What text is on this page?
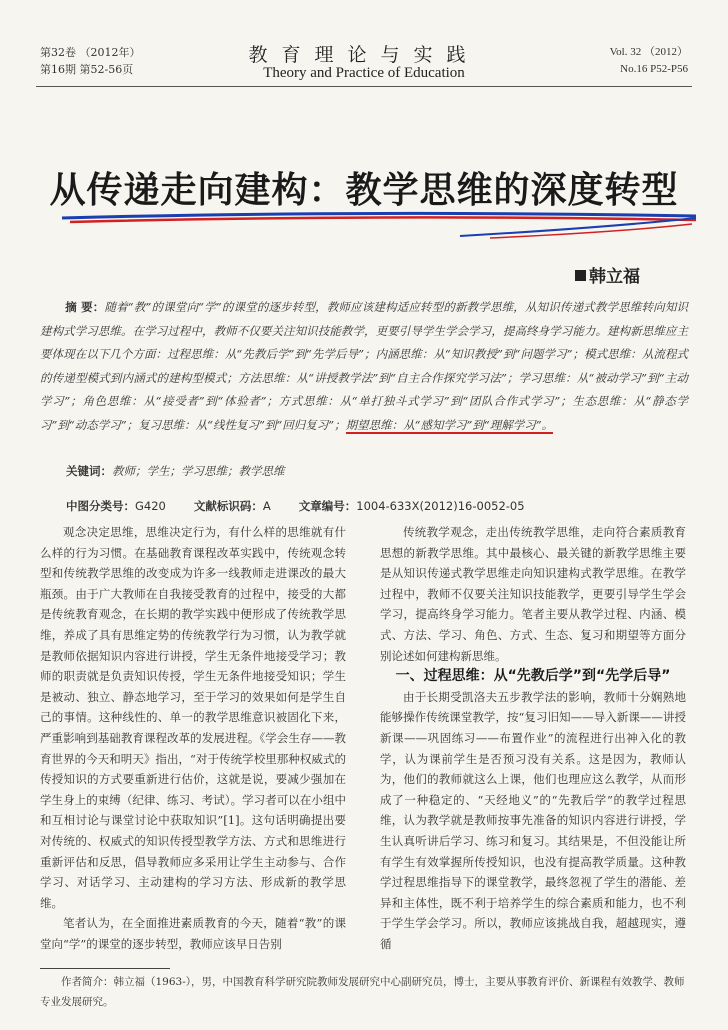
第32卷 （2012年）
第16期 第52-56页
教育理论与实践
Theory and Practice of Education
Vol. 32 （2012）
No.16 P52-P56
从传递走向建构：教学思维的深度转型
韩立福
摘 要：随着“教”的课堂向“学”的课堂的逐步转型，教师应该建构适应转型的新教学思维，从知识传递式教学思维转向知识建构式学习思维。在学习过程中，教师不仅要关注知识技能教学，更要引导学生学会学习，提高终身学习能力。建构新思维应主要体现在以下几个方面：过程思维：从“先教后学”到“先学后导”；内涵思维：从“知识教授”到“问题学习”；模式思维：从流程式的传递型模式到内涵式的建构型模式；方法思维：从“讲授教学法”到“自主合作探究学习法”；学习思维：从“被动学习”到“主动学习”；角色思维：从“接受者”到“体验者”；方式思维：从“单打独斗式学习”到“团队合作式学习”；生态思维：从“静态学习”到“动态学习”；复习思维：从“线性复习”到“回归复习”；期望思维：从“感知学习”到“理解学习”。
关键词：教师；学生；学习思维；教学思维
中图分类号：G420 文献标识码：A 文章编号：1004-633X(2012)16-0052-05

观念决定思维，思维决定行为，有什么样的思维就有什么样的行为习惯。在基础教育课程改革实践中，传统观念转型和传统教学思维的改变成为许多一线教师走进课改的最大瓶颈。由于广大教师在自我接受教育的过程中，接受的大都是传统教育观念，在长期的教学实践中便形成了传统教学思维，养成了具有思维定势的传统教学行为习惯，认为教学就是教师依据知识内容进行讲授，学生无条件地接受学习；教师的职责就是负责知识传授，学生无条件地接受知识；学生是被动、独立、静态地学习，至于学习的效果如何是学生自己的事情。这种线性的、单一的教学思维意识被固化下来，严重影响到基础教育课程改革的发展进程。《学会生存——教育世界的今天和明天》指出，“对于传统学校里那种权威式的传授知识的方式要重新进行估价，这就是说，要减少强加在学生身上的束缚（纪律、练习、考试）。学习者可以在小组中和互相讨论与课堂讨论中获取知识”[1]。这句话明确提出要对传统的、权威式的知识传授型教学方法、方式和思维进行重新评估和反思，倡导教师应多采用让学生主动参与、合作学习、对话学习、主动建构的学习方法、形成新的教学思维。

笔者认为，在全面推进素质教育的今天，随着“教”的课堂向“学”的课堂的逐步转型，教师应该早日告别

传统教学观念，走出传统教学思维，走向符合素质教育思想的新教学思维。其中最核心、最关键的新教学思维主要是从知识传递式教学思维走向知识建构式教学思维。在教学过程中，教师不仅要关注知识技能教学，更要引导学生学会学习，提高终身学习能力。笔者主要从教学过程、内涵、模式、方法、学习、角色、方式、生态、复习和期望等方面分别论述如何建构新思维。

一、过程思维：从“先教后学”到“先学后导”

由于长期受凯洛夫五步教学法的影响，教师十分娴熟地能够操作传统课堂教学，按“复习旧知——导入新课——讲授新课——巩固练习——布置作业”的流程进行出神入化的教学，认为课前学生是否预习没有关系。这是因为，教师认为，他们的教师就这么上课，他们也理应这么教学，从而形成了一种稳定的、“天经地义”的“先教后学”的教学过程思维，认为教学就是教师按事先准备的知识内容进行讲授，学生认真听讲后学习、练习和复习。其结果是，不但没能让所有学生有效掌握所传授知识，也没有提高教学质量。这种教学过程思维指导下的课堂教学，最终忽视了学生的潜能、差异和主体性，既不利于培养学生的综合素质和能力，也不利于学生学会学习。所以，教师应该挑战自我，超越现实，遵循

作者简介：韩立福（1963-），男，中国教育科学研究院教师发展研究中心副研究员，博士，主要从事教育评价、新课程有效教学、教师专业发展研究。
